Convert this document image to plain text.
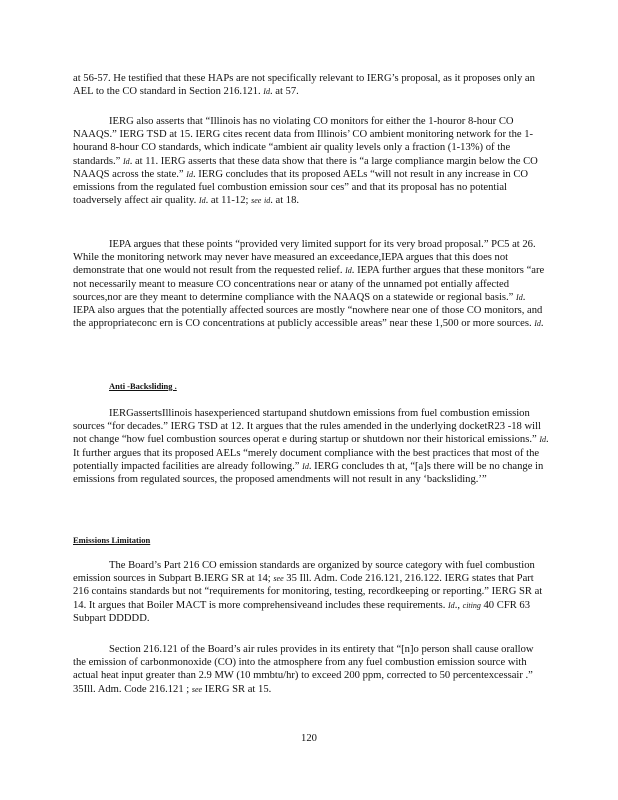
at 56-57. He testified that these HAPs are not specifically relevant to IERG’s proposal, as it proposes only an AEL to the CO standard in Section 216.121. Id. at 57.

IERG also asserts that “Illinois has no violating CO monitors for either the 1-houror 8-hour CO NAAQS.” IERG TSD at 15. IERG cites recent data from Illinois’ CO ambient monitoring network for the 1-hourand 8-hour CO standards, which indicate “ambient air quality levels only a fraction (1-13%) of the standards.” Id. at 11. IERG asserts that these data show that there is “a large compliance margin below the CO NAAQS across the state.” Id. IERG concludes that its proposed AELs “will not result in any increase in CO emissions from the regulated fuel combustion emission sour ces” and that its proposal has no potential toadversely affect air quality. Id. at 11-12; see id. at 18.

IEPA argues that these points “provided very limited support for its very broad proposal.” PC5 at 26. While the monitoring network may never have measured an exceedance,IEPA argues that this does not demonstrate that one would not result from the requested relief. Id. IEPA further argues that these monitors “are not necessarily meant to measure CO concentrations near or atany of the unnamed pot entially affected sources,nor are they meant to determine compliance with the NAAQS on a statewide or regional basis.” Id. IEPA also argues that the potentially affected sources are mostly “nowhere near one of those CO monitors, and the appropriateconc ern is CO concentrations at publicly accessible areas” near these 1,500 or more sources. Id.

Anti -Backsliding .

IERGassertsIllinois hasexperienced startupand shutdown emissions from fuel combustion emission sources “for decades.” IERG TSD at 12. It argues that the rules amended in the underlying docketR23 -18 will not change “how fuel combustion sources operat e during startup or shutdown nor their historical emissions.” Id. It further argues that its proposed AELs “merely document compliance with the best practices that most of the potentially impacted facilities are already following.” Id. IERG concludes th at, “[a]s there will be no change in emissions from regulated sources, the proposed amendments will not result in any ‘backsliding.’”

Emissions Limitation

The Board’s Part 216 CO emission standards are organized by source category with fuel combustion emission sources in Subpart B.IERG SR at 14; see 35 Ill. Adm. Code 216.121, 216.122. IERG states that Part 216 contains standards but not “requirements for monitoring, testing, recordkeeping or reporting.” IERG SR at 14. It argues that Boiler MACT is more comprehensiveand includes these requirements. Id., citing 40 CFR 63 Subpart DDDDD.

Section 216.121 of the Board’s air rules provides in its entirety that “[n]o person shall cause orallow the emission of carbonmonoxide (CO) into the atmosphere from any fuel combustion emission source with actual heat input greater than 2.9 MW (10 mmbtu/hr) to exceed 200 ppm, corrected to 50 percentexcessair .” 35Ill. Adm. Code 216.121 ; see IERG SR at 15.

120
